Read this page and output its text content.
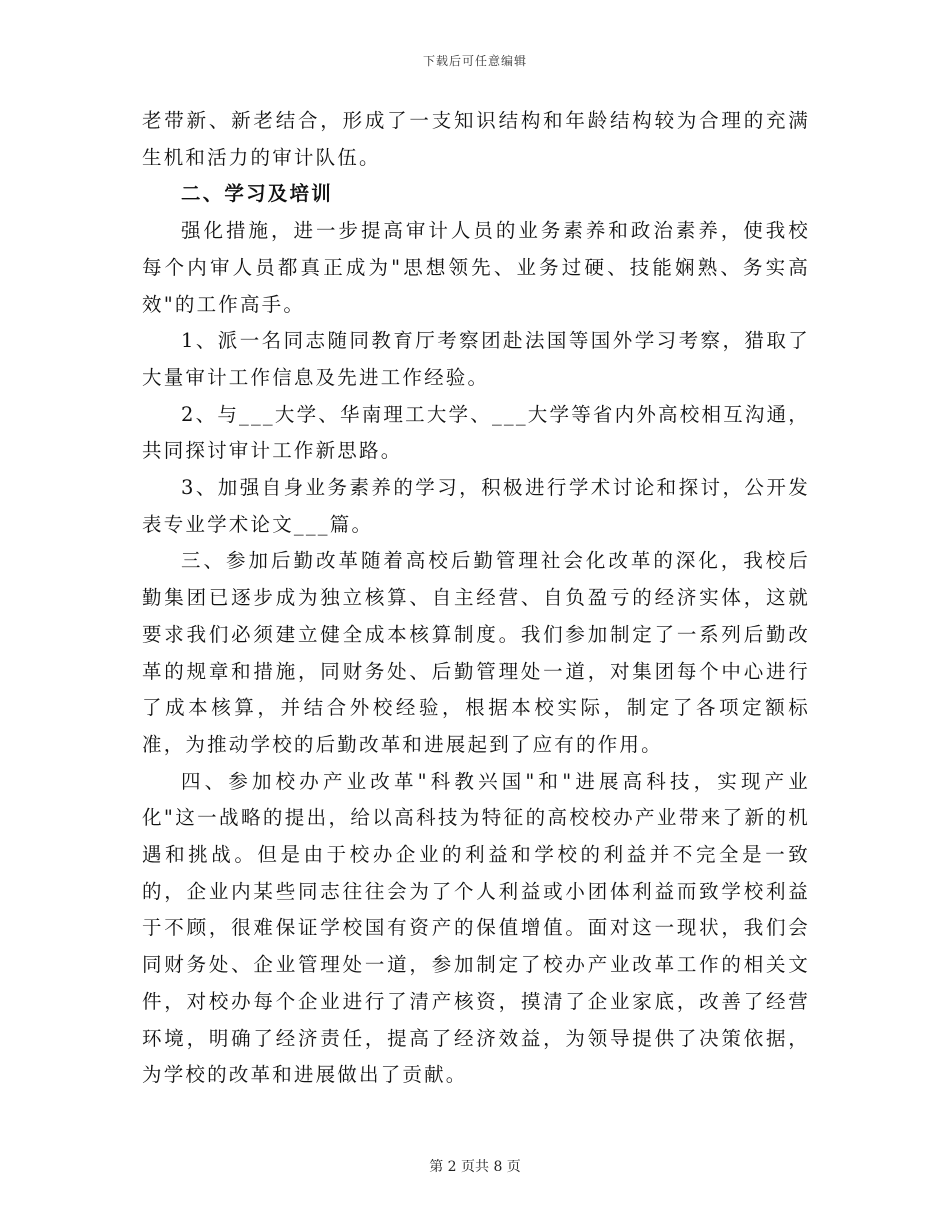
下载后可任意编辑

老带新、新老结合，形成了一支知识结构和年龄结构较为合理的充满生机和活力的审计队伍。

二、学习及培训

强化措施，进一步提高审计人员的业务素养和政治素养，使我校每个内审人员都真正成为"思想领先、业务过硬、技能娴熟、务实高效"的工作高手。

1、派一名同志随同教育厅考察团赴法国等国外学习考察，猎取了大量审计工作信息及先进工作经验。

2、与___大学、华南理工大学、___大学等省内外高校相互沟通，共同探讨审计工作新思路。

3、加强自身业务素养的学习，积极进行学术讨论和探讨，公开发表专业学术论文___篇。

三、参加后勤改革随着高校后勤管理社会化改革的深化，我校后勤集团已逐步成为独立核算、自主经营、自负盈亏的经济实体，这就要求我们必须建立健全成本核算制度。我们参加制定了一系列后勤改革的规章和措施，同财务处、后勤管理处一道，对集团每个中心进行了成本核算，并结合外校经验，根据本校实际，制定了各项定额标准，为推动学校的后勤改革和进展起到了应有的作用。

四、参加校办产业改革"科教兴国"和"进展高科技，实现产业化"这一战略的提出，给以高科技为特征的高校校办产业带来了新的机遇和挑战。但是由于校办企业的利益和学校的利益并不完全是一致的，企业内某些同志往往会为了个人利益或小团体利益而致学校利益于不顾，很难保证学校国有资产的保值增值。面对这一现状，我们会同财务处、企业管理处一道，参加制定了校办产业改革工作的相关文件，对校办每个企业进行了清产核资，摸清了企业家底，改善了经营环境，明确了经济责任，提高了经济效益，为领导提供了决策依据，为学校的改革和进展做出了贡献。

第 2 页共 8 页
